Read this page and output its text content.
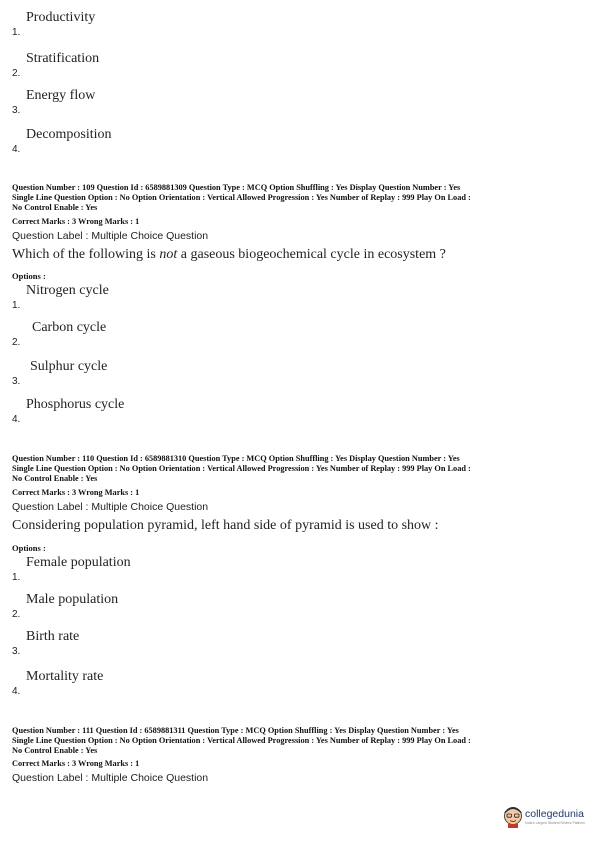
1.
Productivity
2.
Stratification
3.
Energy flow
4.
Decomposition
Question Number : 109 Question Id : 6589881309 Question Type : MCQ Option Shuffling : Yes Display Question Number : Yes
Single Line Question Option : No Option Orientation : Vertical Allowed Progression : Yes Number of Replay : 999 Play On Load :
No Control Enable : Yes
Correct Marks : 3 Wrong Marks : 1
Question Label : Multiple Choice Question
Which of the following is not a gaseous biogeochemical cycle in ecosystem ?
Options :
1.
Nitrogen cycle
2.
Carbon cycle
3.
Sulphur cycle
4.
Phosphorus cycle
Question Number : 110 Question Id : 6589881310 Question Type : MCQ Option Shuffling : Yes Display Question Number : Yes
Single Line Question Option : No Option Orientation : Vertical Allowed Progression : Yes Number of Replay : 999 Play On Load :
No Control Enable : Yes
Correct Marks : 3 Wrong Marks : 1
Question Label : Multiple Choice Question
Considering population pyramid, left hand side of pyramid is used to show :
Options :
1.
Female population
2.
Male population
3.
Birth rate
4.
Mortality rate
Question Number : 111 Question Id : 6589881311 Question Type : MCQ Option Shuffling : Yes Display Question Number : Yes
Single Line Question Option : No Option Orientation : Vertical Allowed Progression : Yes Number of Replay : 999 Play On Load :
No Control Enable : Yes
Correct Marks : 3 Wrong Marks : 1
Question Label : Multiple Choice Question
collegedunia
India's Largest Student Review Platform
